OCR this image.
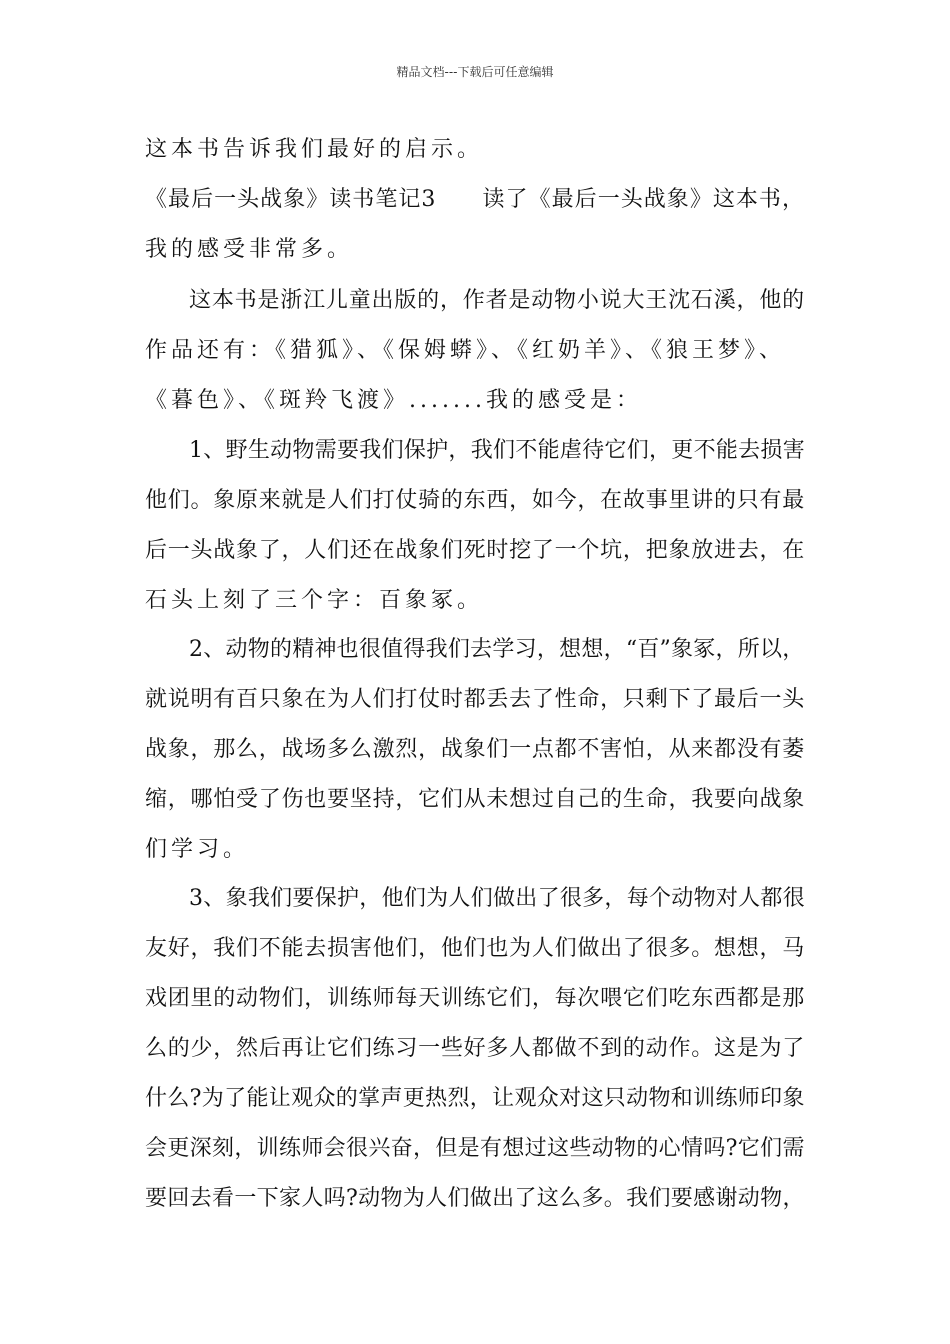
精品文档---下载后可任意编辑
这本书告诉我们最好的启示。
《最后一头战象》读书笔记3　　读了《最后一头战象》这本书，
我的感受非常多。
这本书是浙江儿童出版的，作者是动物小说大王沈石溪，他的
作品还有：《猎狐》、《保姆蟒》、《红奶羊》、《狼王梦》、
《暮色》、《斑羚飞渡》.......我的感受是：
1、野生动物需要我们保护，我们不能虐待它们，更不能去损害
他们。象原来就是人们打仗骑的东西，如今，在故事里讲的只有最
后一头战象了，人们还在战象们死时挖了一个坑，把象放进去，在
石头上刻了三个字：百象冢。
2、动物的精神也很值得我们去学习，想想，“百”象冢，所以，
就说明有百只象在为人们打仗时都丢去了性命，只剩下了最后一头
战象，那么，战场多么激烈，战象们一点都不害怕，从来都没有萎
缩，哪怕受了伤也要坚持，它们从未想过自己的生命，我要向战象
们学习。
3、象我们要保护，他们为人们做出了很多，每个动物对人都很
友好，我们不能去损害他们，他们也为人们做出了很多。想想，马
戏团里的动物们，训练师每天训练它们，每次喂它们吃东西都是那
么的少，然后再让它们练习一些好多人都做不到的动作。这是为了
什么?为了能让观众的掌声更热烈，让观众对这只动物和训练师印象
会更深刻，训练师会很兴奋，但是有想过这些动物的心情吗?它们需
要回去看一下家人吗?动物为人们做出了这么多。我们要感谢动物，
